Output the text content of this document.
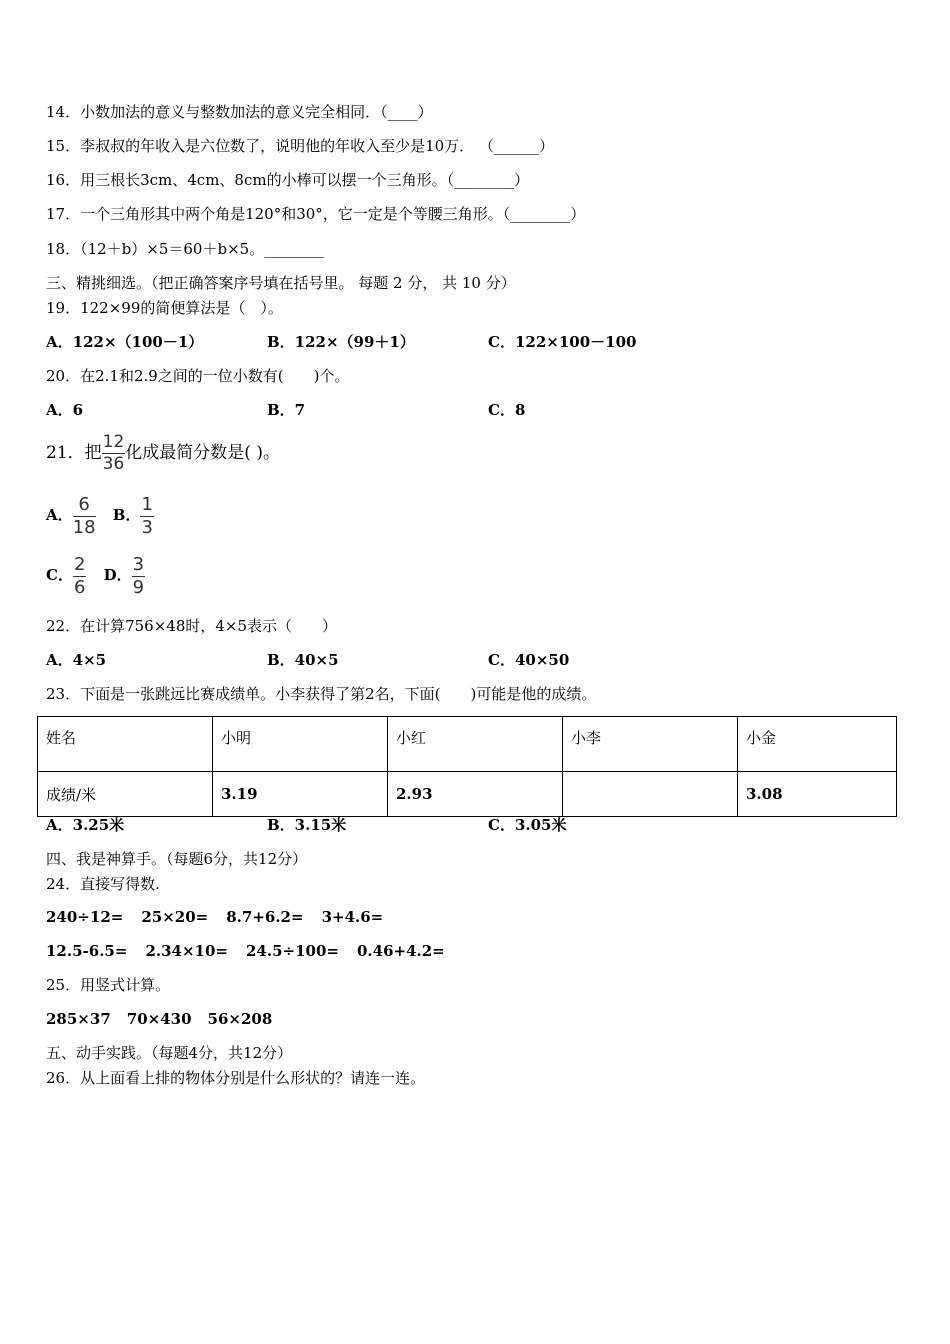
14．小数加法的意义与整数加法的意义完全相同．（____）
15．李叔叔的年收入是六位数了，说明他的年收入至少是10万． （______）
16．用三根长3cm、4cm、8cm的小棒可以摆一个三角形。（________）
17．一个三角形其中两个角是120°和30°，它一定是个等腰三角形。（________）
18．（12＋b）×5＝60＋b×5。________
三、精挑细选。（把正确答案序号填在括号里。 每题 2 分， 共 10 分）
19．122×99的简便算法是（　）。
A．122×（100－1）	B．122×（99＋1）	C．122×100－100
20．在2.1和2.9之间的一位小数有(　　)个。
A．6	B．7	C．8
21．把 $\frac{12}{36}$ 化成最简分数是( )。
A． $\frac{6}{18}$ B． $\frac{1}{3}$
C． $\frac{2}{6}$ D． $\frac{3}{9}$
22．在计算756×48时，4×5表示（　　）
A．4×5	B．40×5	C．40×50
23．下面是一张跳远比赛成绩单。小李获得了第2名，下面(　　)可能是他的成绩。
姓名	小明	小红	小李	小金
成绩/米	3.19	2.93		3.08
A．3.25米	B．3.15米	C．3.05米
四、我是神算手。（每题6分，共12分）
24．直接写得数.
240÷12= 25×20= 8.7+6.2= 3+4.6=
12.5-6.5= 2.34×10= 24.5÷100= 0.46+4.2=
25．用竖式计算。
285×37 70×430 56×208
五、动手实践。（每题4分，共12分）
26．从上面看上排的物体分别是什么形状的？请连一连。
